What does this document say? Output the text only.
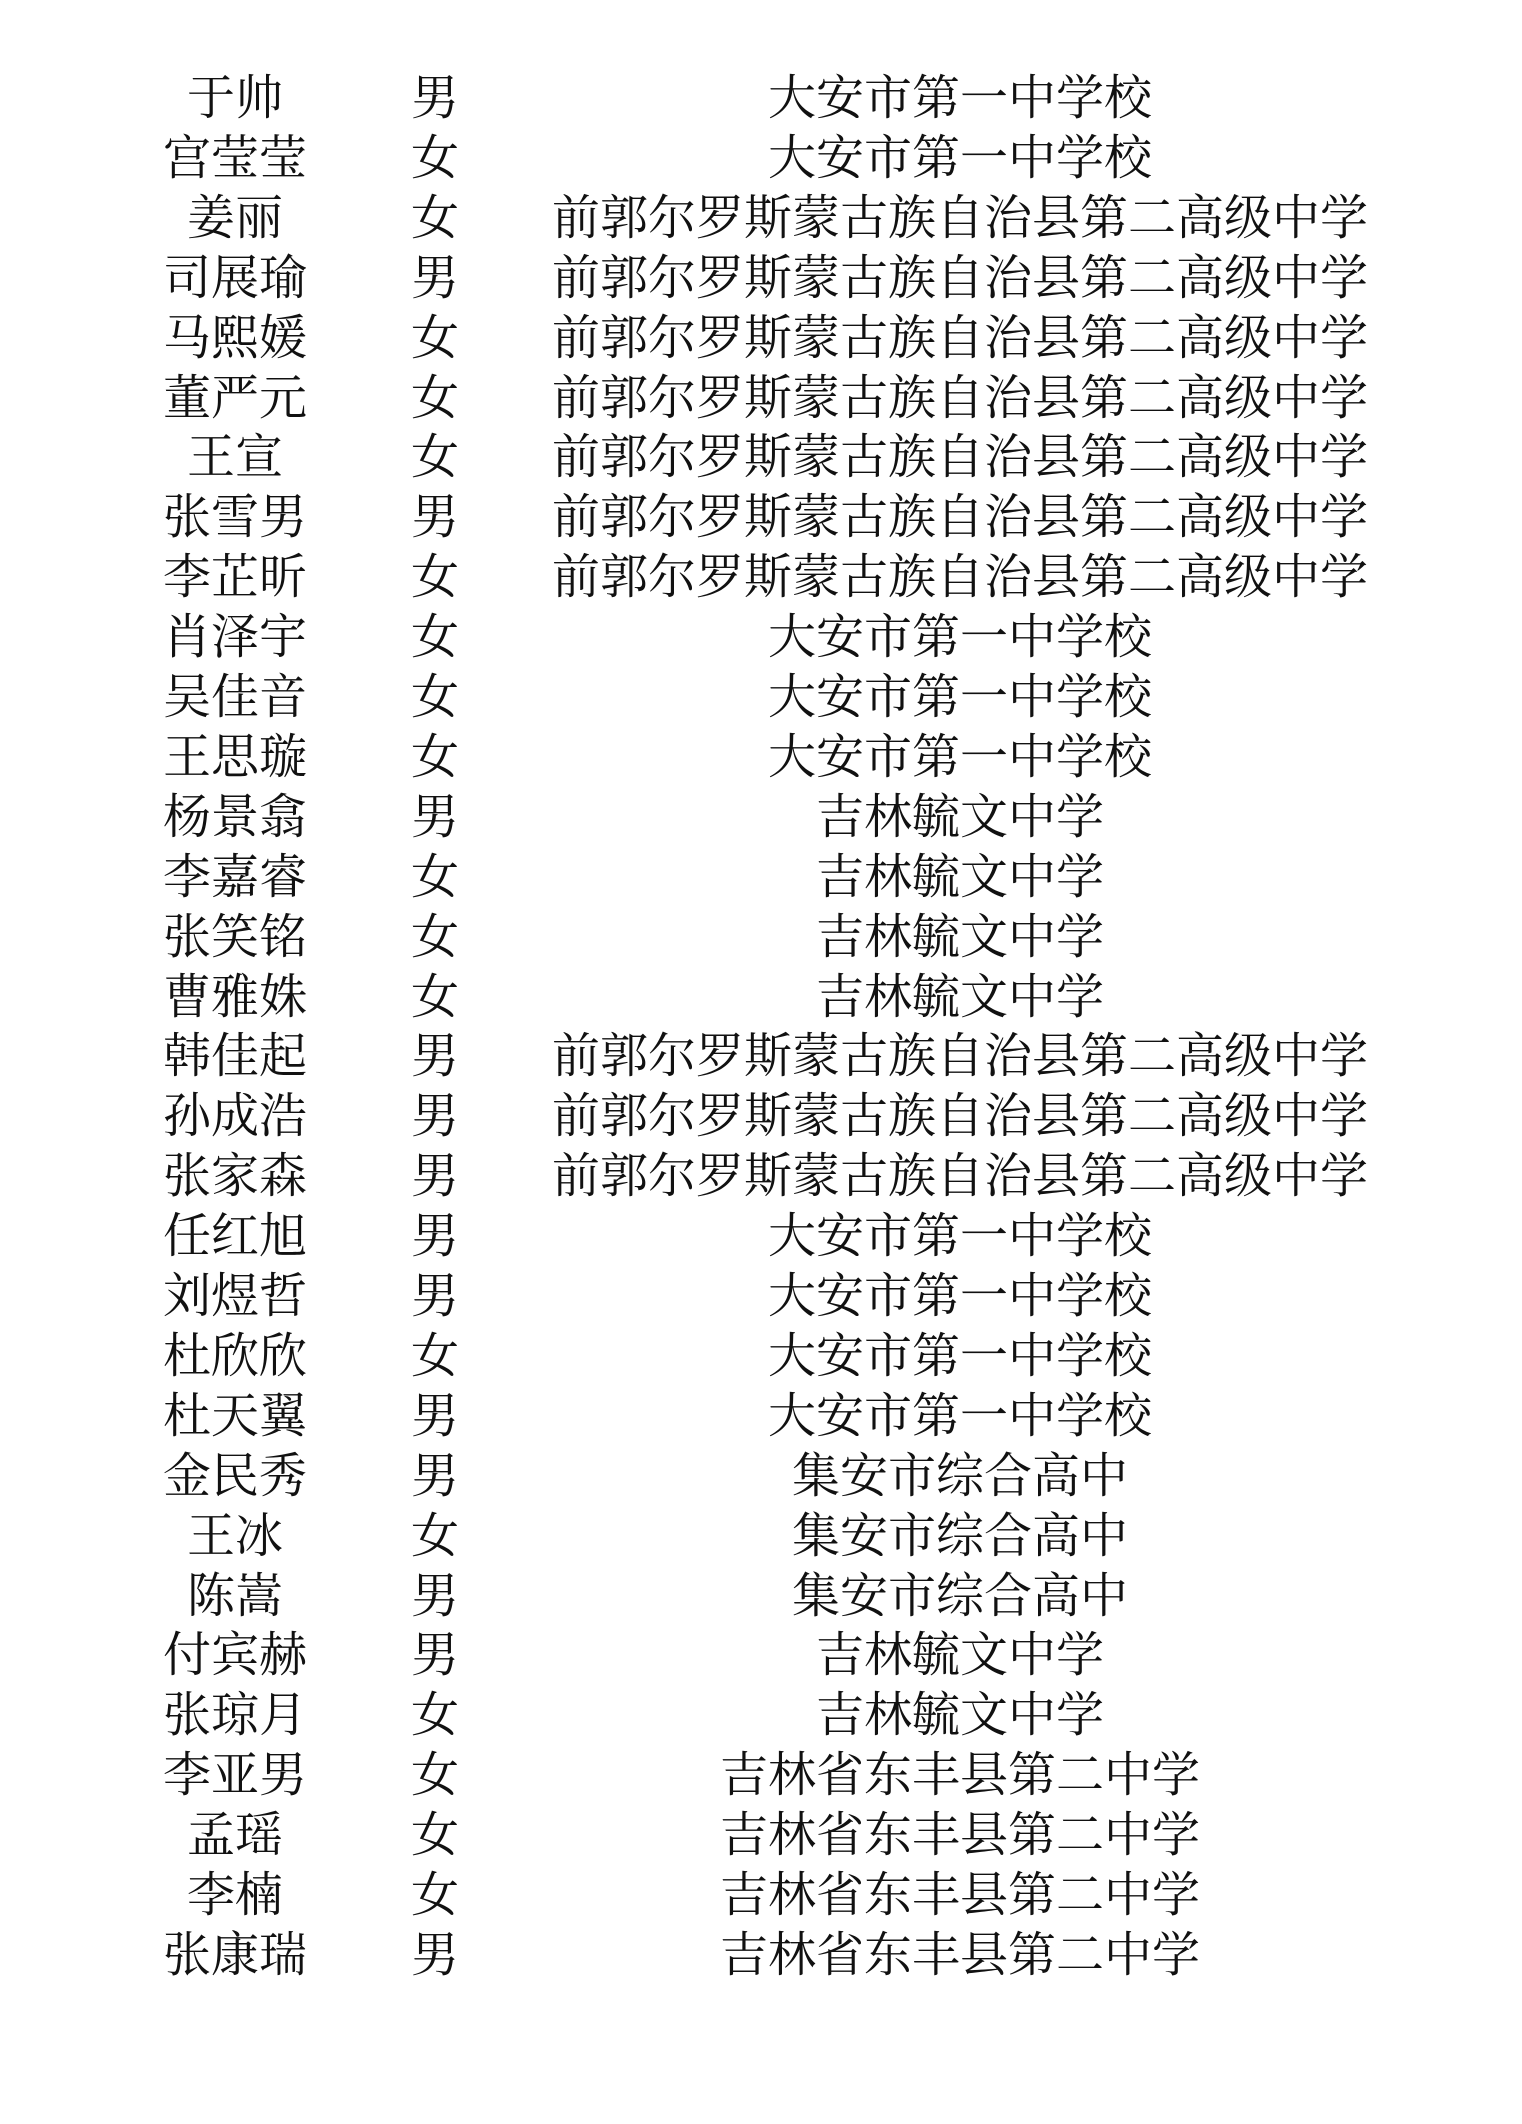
于帅	男	大安市第一中学校
宫莹莹	女	大安市第一中学校
姜丽	女	前郭尔罗斯蒙古族自治县第二高级中学
司展瑜	男	前郭尔罗斯蒙古族自治县第二高级中学
马熙媛	女	前郭尔罗斯蒙古族自治县第二高级中学
董严元	女	前郭尔罗斯蒙古族自治县第二高级中学
王宣	女	前郭尔罗斯蒙古族自治县第二高级中学
张雪男	男	前郭尔罗斯蒙古族自治县第二高级中学
李芷昕	女	前郭尔罗斯蒙古族自治县第二高级中学
肖泽宇	女	大安市第一中学校
吴佳音	女	大安市第一中学校
王思璇	女	大安市第一中学校
杨景翕	男	吉林毓文中学
李嘉睿	女	吉林毓文中学
张笑铭	女	吉林毓文中学
曹雅姝	女	吉林毓文中学
韩佳起	男	前郭尔罗斯蒙古族自治县第二高级中学
孙成浩	男	前郭尔罗斯蒙古族自治县第二高级中学
张家森	男	前郭尔罗斯蒙古族自治县第二高级中学
任红旭	男	大安市第一中学校
刘煜哲	男	大安市第一中学校
杜欣欣	女	大安市第一中学校
杜天翼	男	大安市第一中学校
金民秀	男	集安市综合高中
王冰	女	集安市综合高中
陈嵩	男	集安市综合高中
付宾赫	男	吉林毓文中学
张琼月	女	吉林毓文中学
李亚男	女	吉林省东丰县第二中学
孟瑶	女	吉林省东丰县第二中学
李楠	女	吉林省东丰县第二中学
张康瑞	男	吉林省东丰县第二中学
